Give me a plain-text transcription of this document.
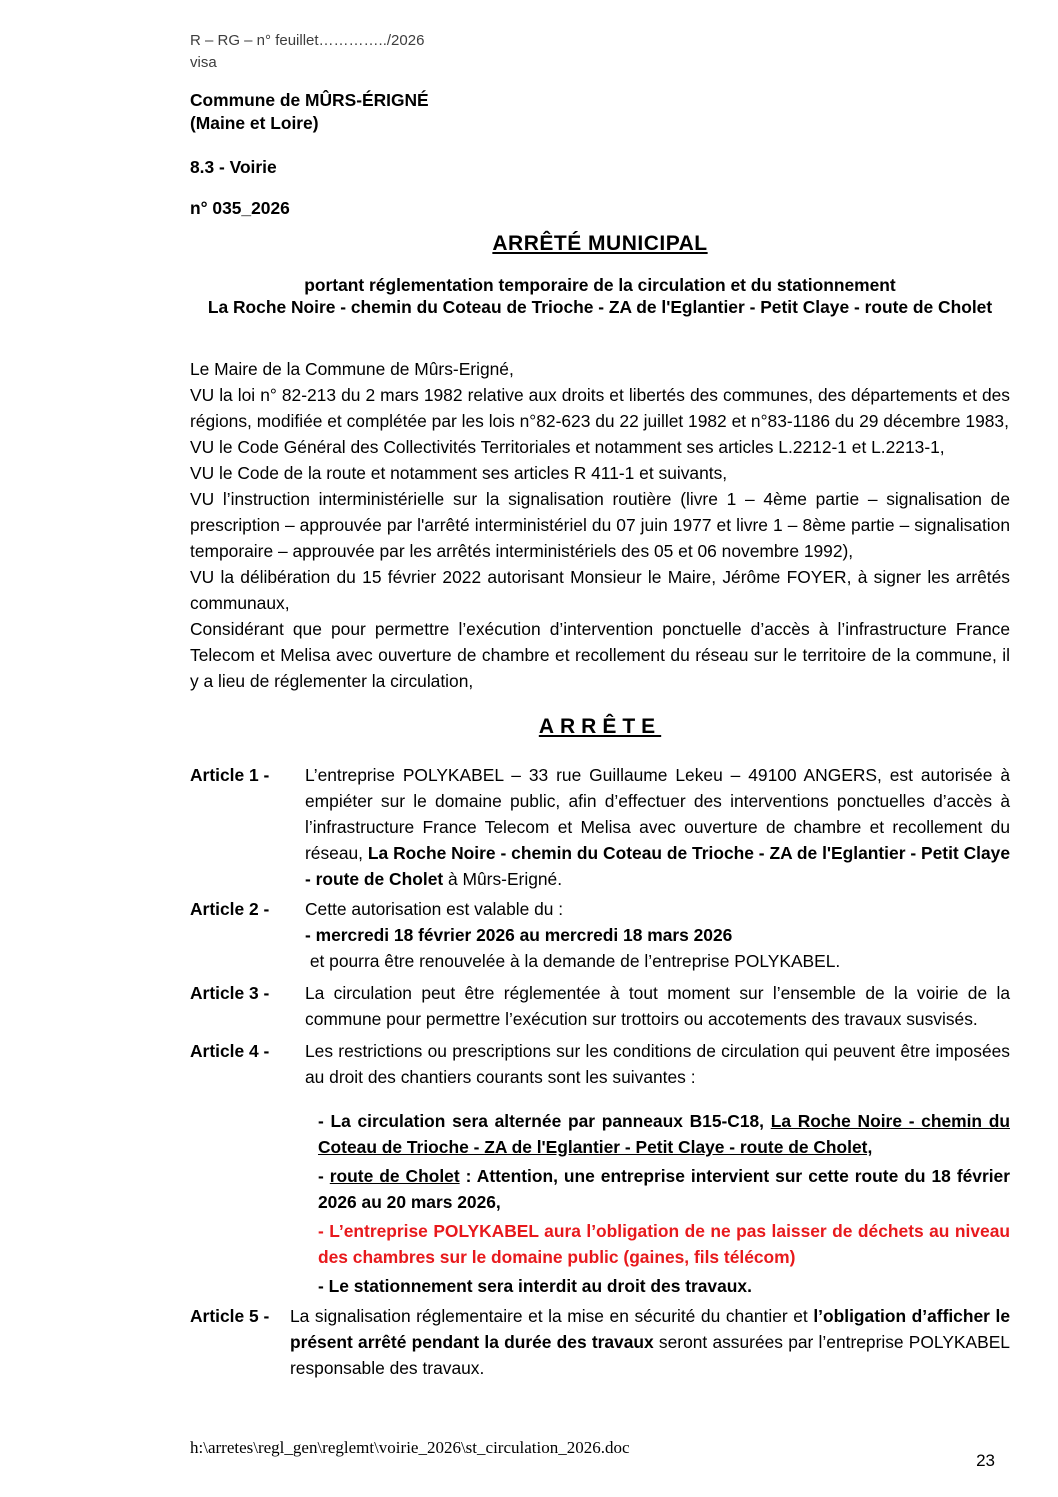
R – RG – n° feuillet…………../2026
visa
Commune de MÛRS-ÉRIGNÉ
(Maine et Loire)
8.3 - Voirie
n° 035_2026
ARRÊTÉ MUNICIPAL
portant réglementation temporaire de la circulation et du stationnement
La Roche Noire - chemin du Coteau de Trioche - ZA de l'Eglantier - Petit Claye - route de Cholet

Le Maire de la Commune de Mûrs-Erigné,

VU la loi n° 82-213 du 2 mars 1982 relative aux droits et libertés des communes, des départements et des régions, modifiée et complétée par les lois n°82-623 du 22 juillet 1982 et n°83-1186 du 29 décembre 1983,

VU le Code Général des Collectivités Territoriales et notamment ses articles L.2212-1 et L.2213-1,

VU le Code de la route et notamment ses articles R 411-1 et suivants,

VU l’instruction interministérielle sur la signalisation routière (livre 1 – 4ème partie – signalisation de prescription – approuvée par l'arrêté interministériel du 07 juin 1977 et livre 1 – 8ème partie – signalisation temporaire – approuvée par les arrêtés interministériels des 05 et 06 novembre 1992),

VU la délibération du 15 février 2022 autorisant Monsieur le Maire, Jérôme FOYER, à signer les arrêtés communaux,

Considérant que pour permettre l’exécution d’intervention ponctuelle d’accès à l’infrastructure France Telecom et Melisa avec ouverture de chambre et recollement du réseau sur le territoire de la commune, il y a lieu de réglementer la circulation,

ARRÊTE
Article 1 - L’entreprise POLYKABEL – 33 rue Guillaume Lekeu – 49100 ANGERS, est autorisée à empiéter sur le domaine public, afin d’effectuer des interventions ponctuelles d’accès à l’infrastructure France Telecom et Melisa avec ouverture de chambre et recollement du réseau, La Roche Noire - chemin du Coteau de Trioche - ZA de l'Eglantier - Petit Claye - route de Cholet à Mûrs-Erigné.
Article 2 - Cette autorisation est valable du :
- mercredi 18 février 2026 au mercredi 18 mars 2026
et pourra être renouvelée à la demande de l’entreprise POLYKABEL.
Article 3 - La circulation peut être réglementée à tout moment sur l’ensemble de la voirie de la commune pour permettre l’exécution sur trottoirs ou accotements des travaux susvisés.
Article 4 - Les restrictions ou prescriptions sur les conditions de circulation qui peuvent être imposées au droit des chantiers courants sont les suivantes :
- La circulation sera alternée par panneaux B15-C18, La Roche Noire - chemin du Coteau de Trioche - ZA de l'Eglantier - Petit Claye - route de Cholet,
- route de Cholet : Attention, une entreprise intervient sur cette route du 18 février 2026 au 20 mars 2026,
- L’entreprise POLYKABEL aura l’obligation de ne pas laisser de déchets au niveau des chambres sur le domaine public (gaines, fils télécom)
- Le stationnement sera interdit au droit des travaux.
Article 5 - La signalisation réglementaire et la mise en sécurité du chantier et l’obligation d’afficher le présent arrêté pendant la durée des travaux seront assurées par l’entreprise POLYKABEL responsable des travaux.
h:\arretes\regl_gen\reglemt\voirie_2026\st_circulation_2026.doc
23
